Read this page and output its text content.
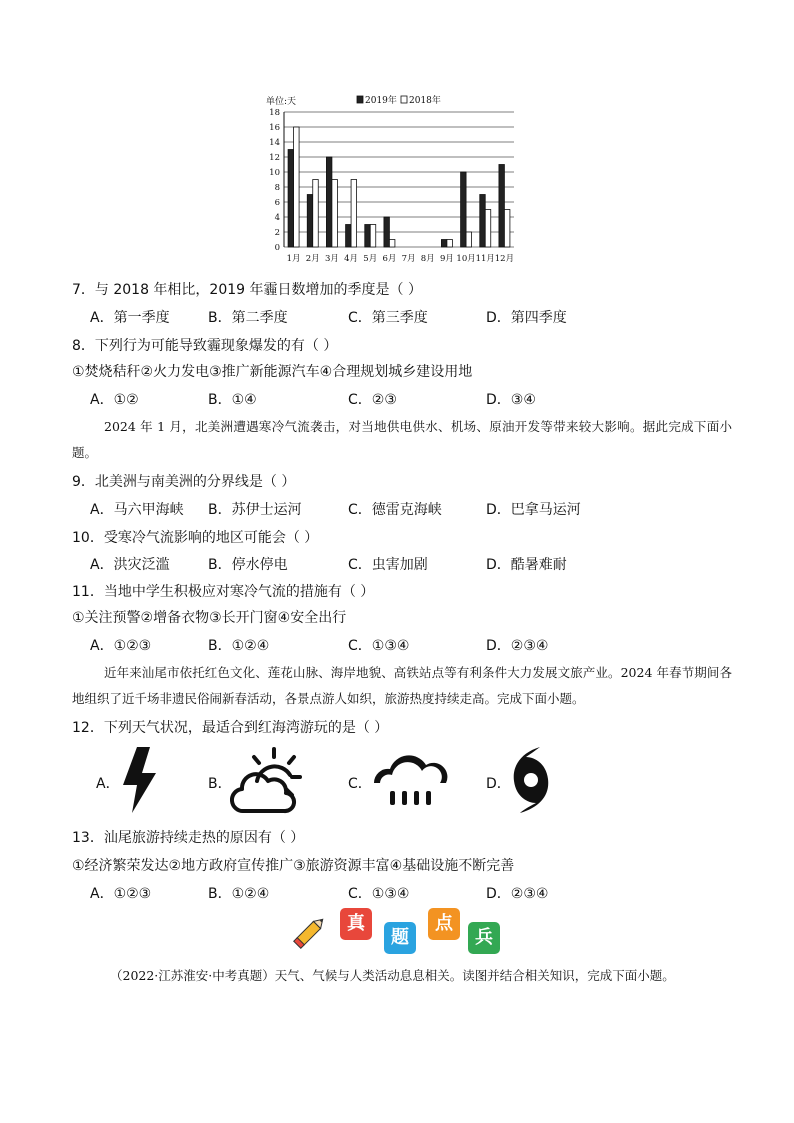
单位:天	2019年 2018年
0
2
4
6
8
10
12
14
16
18
1月 2月 3月 4月 5月 6月 7月 8月 9月 10月 11月 12月
7．与 2018 年相比，2019 年霾日数增加的季度是（ ）
A．第一季度	B．第二季度	C．第三季度	D．第四季度
8．下列行为可能导致霾现象爆发的有（ ）
①焚烧秸秆②火力发电③推广新能源汽车④合理规划城乡建设用地
A．①②	B．①④	C．②③	D．③④
2024 年 1 月，北美洲遭遇寒冷气流袭击，对当地供电供水、机场、原油开发等带来较大影响。据此完成下面小题。
9．北美洲与南美洲的分界线是（ ）
A．马六甲海峡 B．苏伊士运河	C．德雷克海峡	D．巴拿马运河
10．受寒冷气流影响的地区可能会（ ）
A．洪灾泛滥	B．停水停电	C．虫害加剧	D．酷暑难耐
11．当地中学生积极应对寒冷气流的措施有（ ）
①关注预警②增备衣物③长开门窗④安全出行
A．①②③	B．①②④	C．①③④	D．②③④
近年来汕尾市依托红色文化、莲花山脉、海岸地貌、高铁站点等有利条件大力发展文旅产业。2024 年春节期间各地组织了近千场非遗民俗闹新春活动，各景点游人如织，旅游热度持续走高。完成下面小题。
12．下列天气状况，最适合到红海湾游玩的是（ ）
A．	B．	C．	D．
13．汕尾旅游持续走热的原因有（ ）
①经济繁荣发达②地方政府宣传推广③旅游资源丰富④基础设施不断完善
A．①②③	B．①②④	C．①③④	D．②③④
真
题
点
兵
（2022·江苏淮安·中考真题）天气、气候与人类活动息息相关。读图并结合相关知识，完成下面小题。
